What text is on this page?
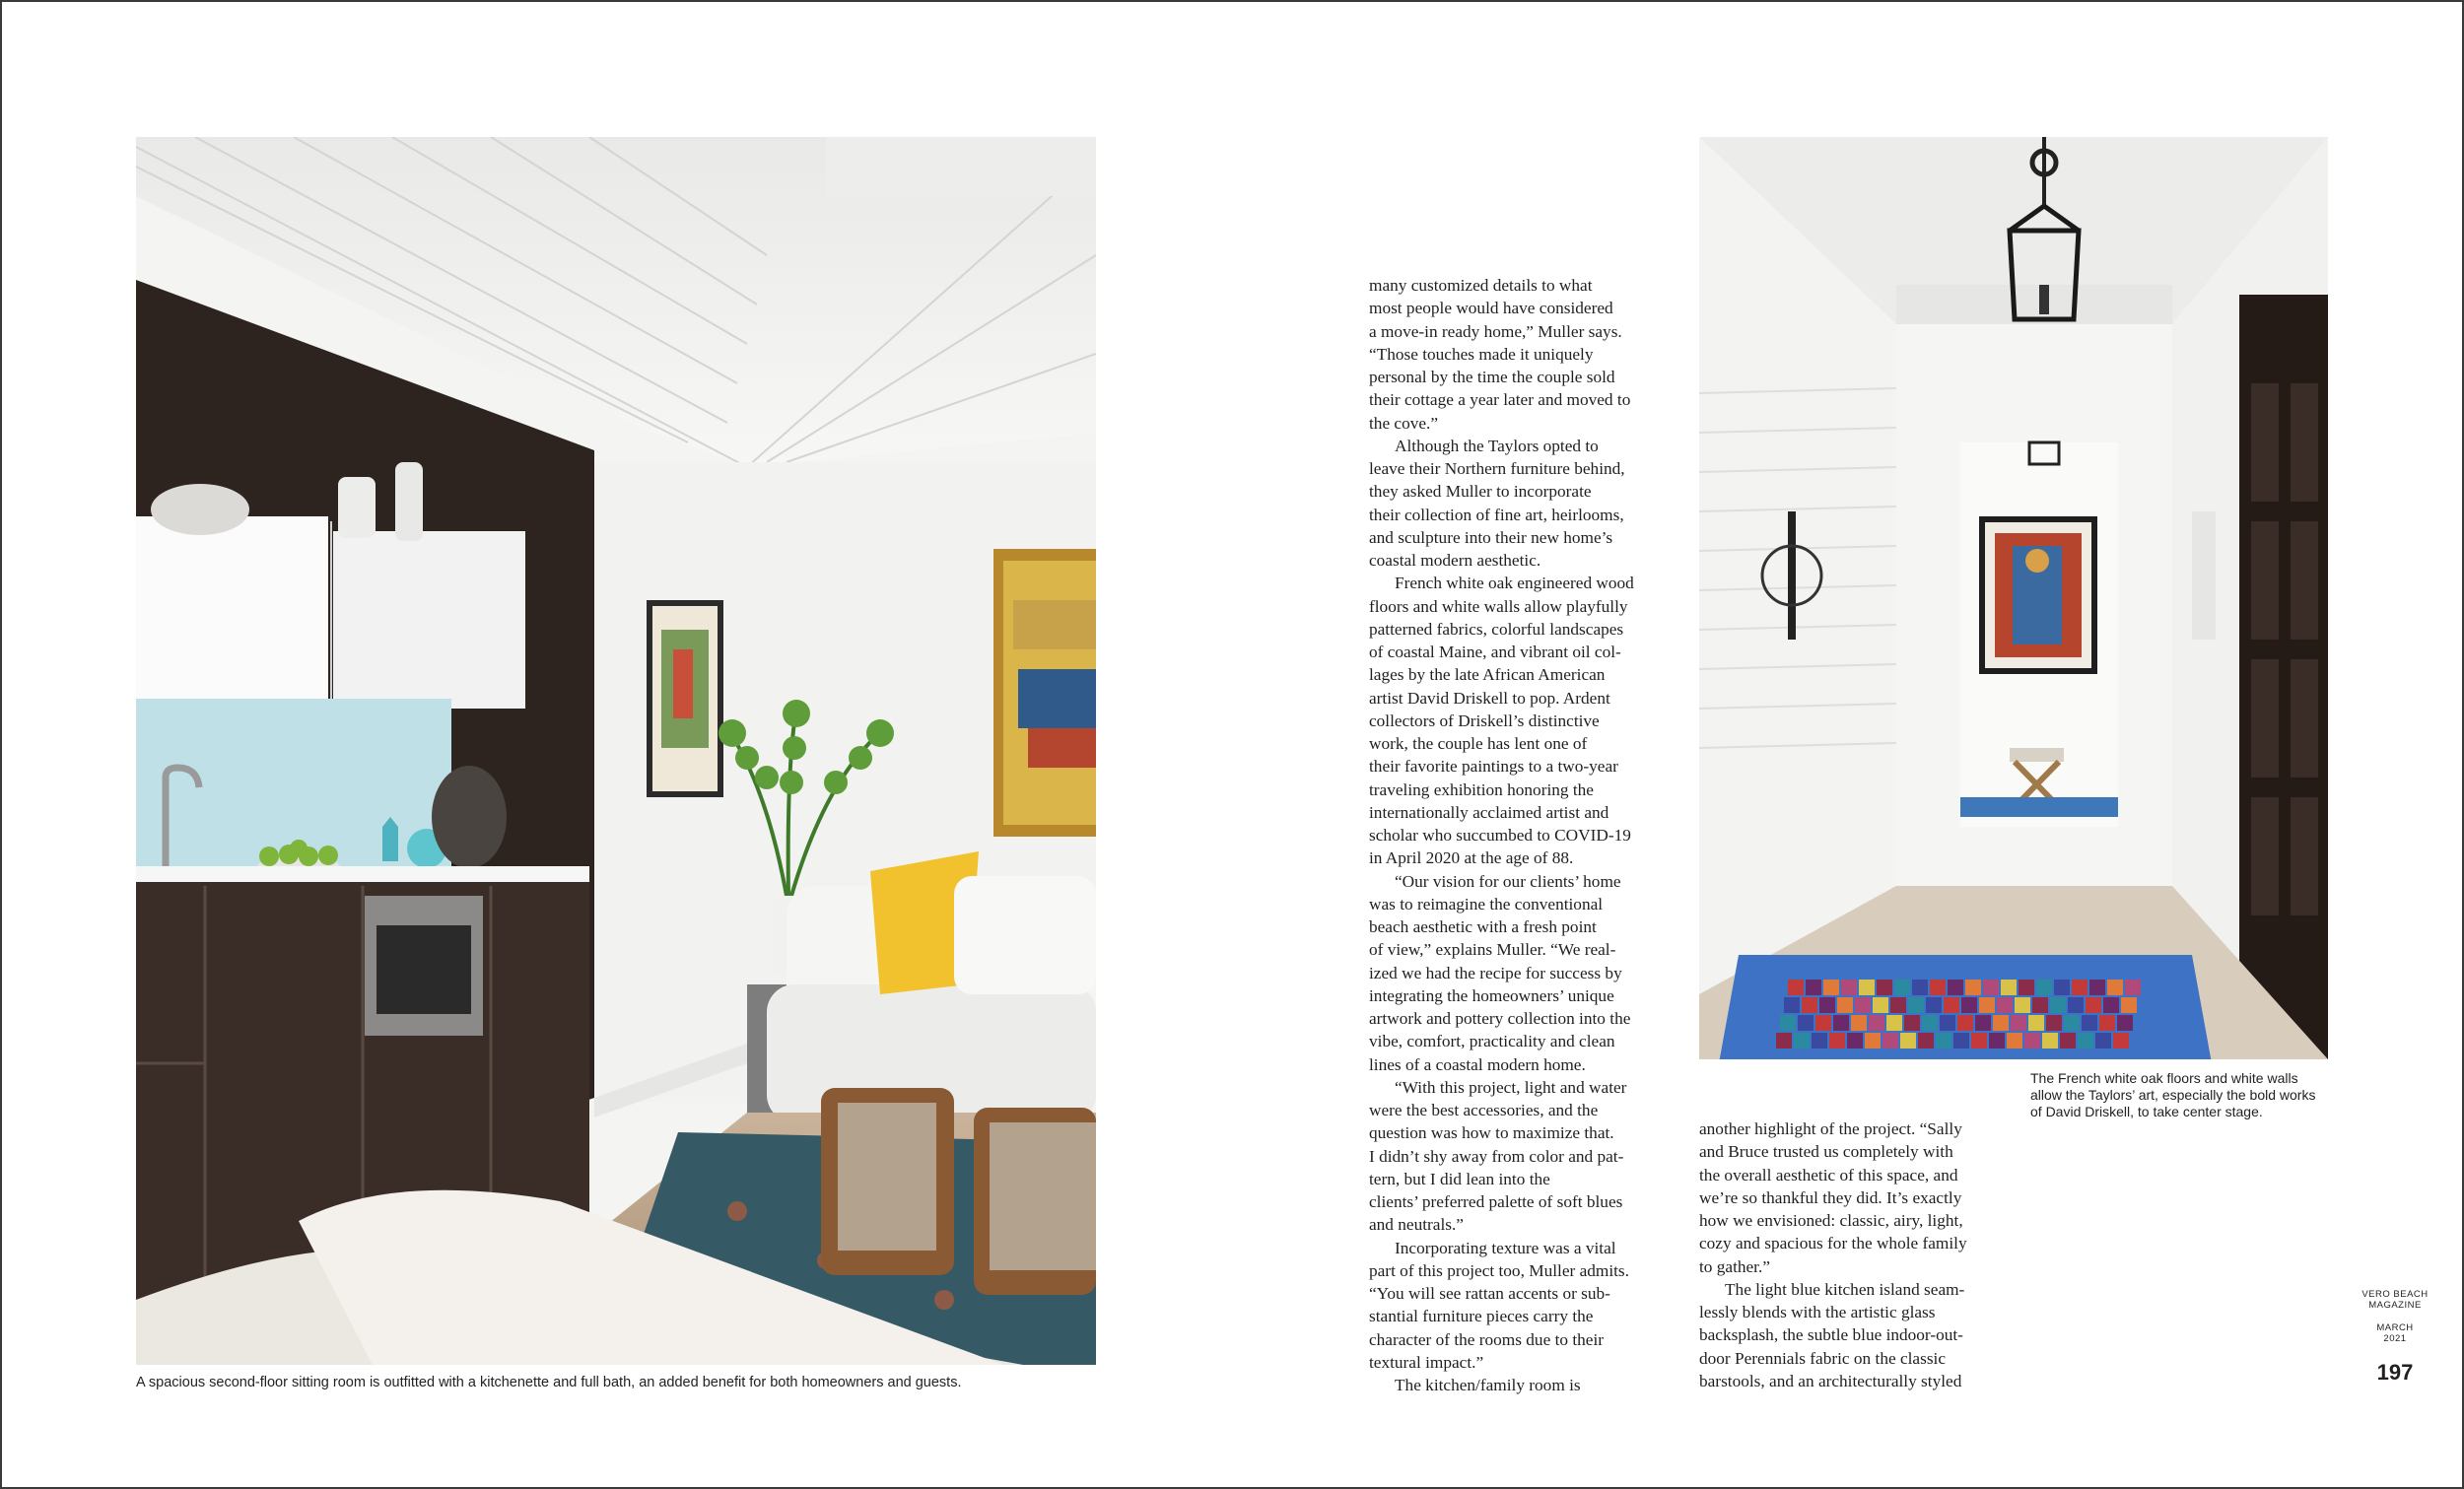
A spacious second-floor sitting room is outfitted with a kitchenette and full bath, an added benefit for both homeowners and guests.

many customized details to what
most people would have considered
a move-in ready home,” Muller says.
“Those touches made it uniquely
personal by the time the couple sold
their cottage a year later and moved to
the cove.”

Although the Taylors opted to
leave their Northern furniture behind,
they asked Muller to incorporate
their collection of fine art, heirlooms,
and sculpture into their new home’s
coastal modern aesthetic.

French white oak engineered wood
floors and white walls allow playfully
patterned fabrics, colorful landscapes
of coastal Maine, and vibrant oil col-
lages by the late African American
artist David Driskell to pop. Ardent
collectors of Driskell’s distinctive
work, the couple has lent one of
their favorite paintings to a two-year
traveling exhibition honoring the
internationally acclaimed artist and
scholar who succumbed to COVID-19
in April 2020 at the age of 88.

“Our vision for our clients’ home
was to reimagine the conventional
beach aesthetic with a fresh point
of view,” explains Muller. “We real-
ized we had the recipe for success by
integrating the homeowners’ unique
artwork and pottery collection into the
vibe, comfort, practicality and clean
lines of a coastal modern home.

“With this project, light and water
were the best accessories, and the
question was how to maximize that.
I didn’t shy away from color and pat-
tern, but I did lean into the
clients’ preferred palette of soft blues
and neutrals.”

Incorporating texture was a vital
part of this project too, Muller admits.
“You will see rattan accents or sub-
stantial furniture pieces carry the
character of the rooms due to their
textural impact.”

The kitchen/family room is

another highlight of the project. “Sally
and Bruce trusted us completely with
the overall aesthetic of this space, and
we’re so thankful they did. It’s exactly
how we envisioned: classic, airy, light,
cozy and spacious for the whole family
to gather.”

The light blue kitchen island seam-
lessly blends with the artistic glass
backsplash, the subtle blue indoor-out-
door Perennials fabric on the classic
barstools, and an architecturally styled

The French white oak floors and white walls allow the Taylors’ art, especially the bold works of David Driskell, to take center stage.
VERO BEACH
MAGAZINE
MARCH
2021
197
